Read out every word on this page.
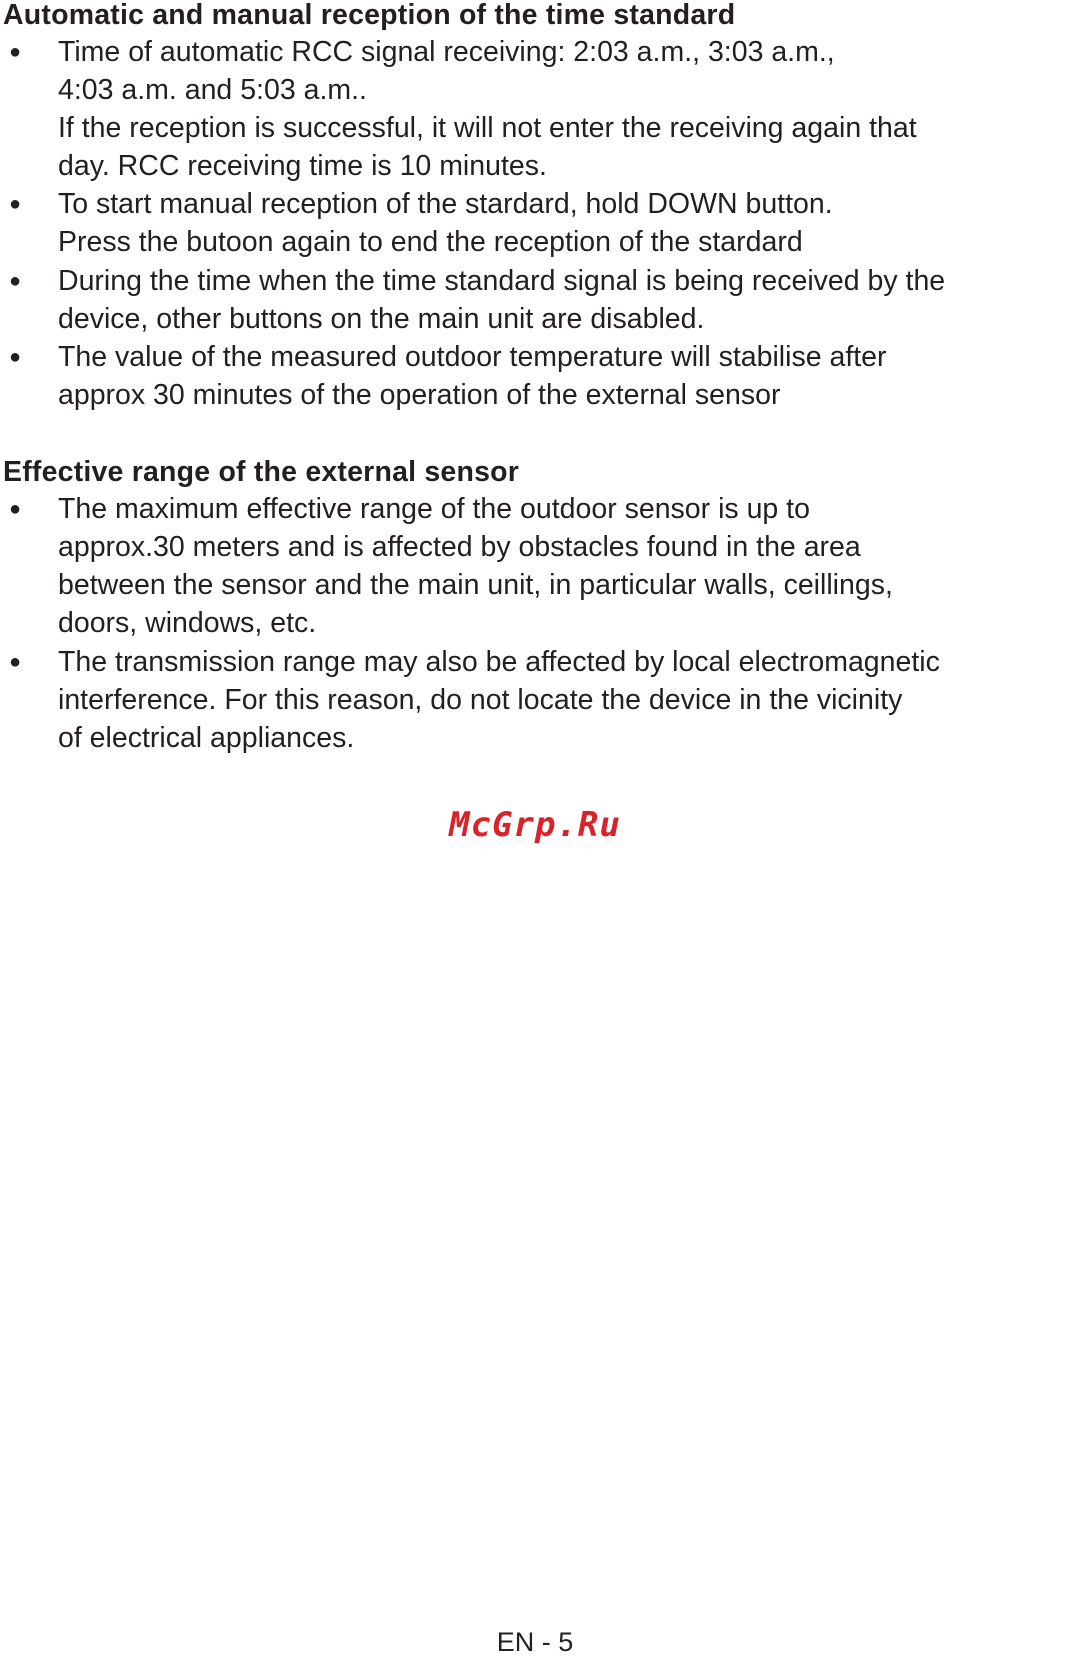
Automatic and manual reception of the time standard
● Time of automatic RCC signal receiving: 2:03 a.m., 3:03 a.m.,
4:03 a.m. and 5:03 a.m..
If the reception is successful, it will not enter the receiving again that
day. RCC receiving time is 10 minutes.
● To start manual reception of the stardard, hold DOWN button.
Press the butoon again to end the reception of the stardard
● During the time when the time standard signal is being received by the
device, other buttons on the main unit are disabled.
● The value of the measured outdoor temperature will stabilise after
approx 30 minutes of the operation of the external sensor
Effective range of the external sensor
● The maximum effective range of the outdoor sensor is up to
approx.30 meters and is affected by obstacles found in the area
between the sensor and the main unit, in particular walls, ceillings,
doors, windows, etc.
● The transmission range may also be affected by local electromagnetic
interference. For this reason, do not locate the device in the vicinity
of electrical appliances.
McGrp.Ru
EN - 5
